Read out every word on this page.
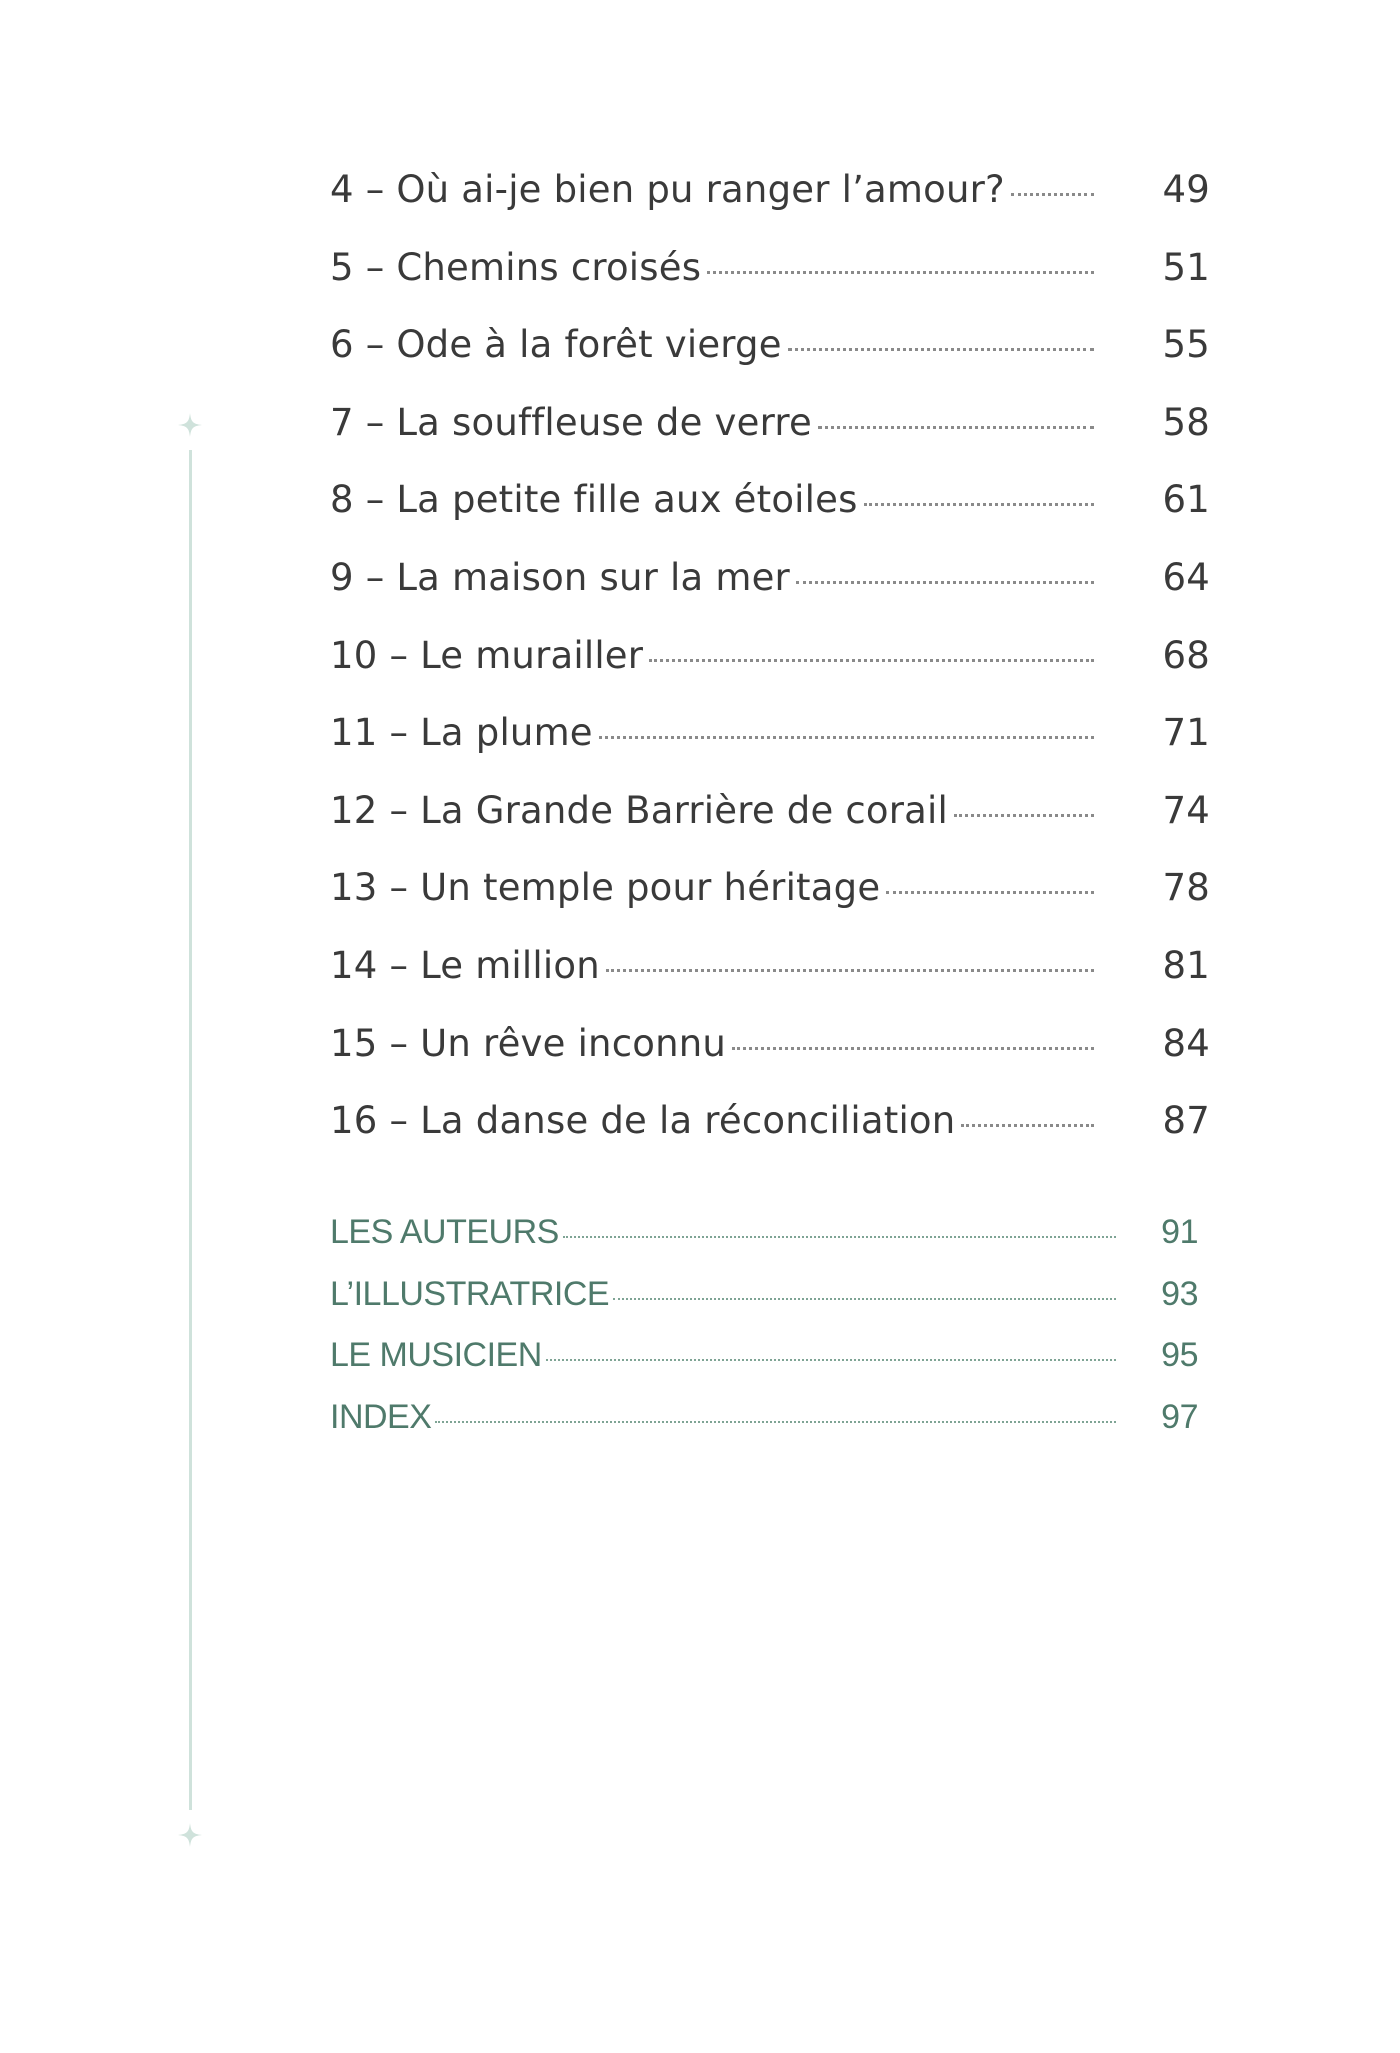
4 – Où ai-je bien pu ranger l’amour?	49
5 – Chemins croisés	51
6 – Ode à la forêt vierge	55
7 – La souffleuse de verre	58
8 – La petite fille aux étoiles	61
9 – La maison sur la mer	64
10 – Le murailler	68
11 – La plume	71
12 – La Grande Barrière de corail	74
13 – Un temple pour héritage	78
14 – Le million	81
15 – Un rêve inconnu	84
16 – La danse de la réconciliation	87
LES AUTEURS	91
L’ILLUSTRATRICE	93
LE MUSICIEN	95
INDEX	97
